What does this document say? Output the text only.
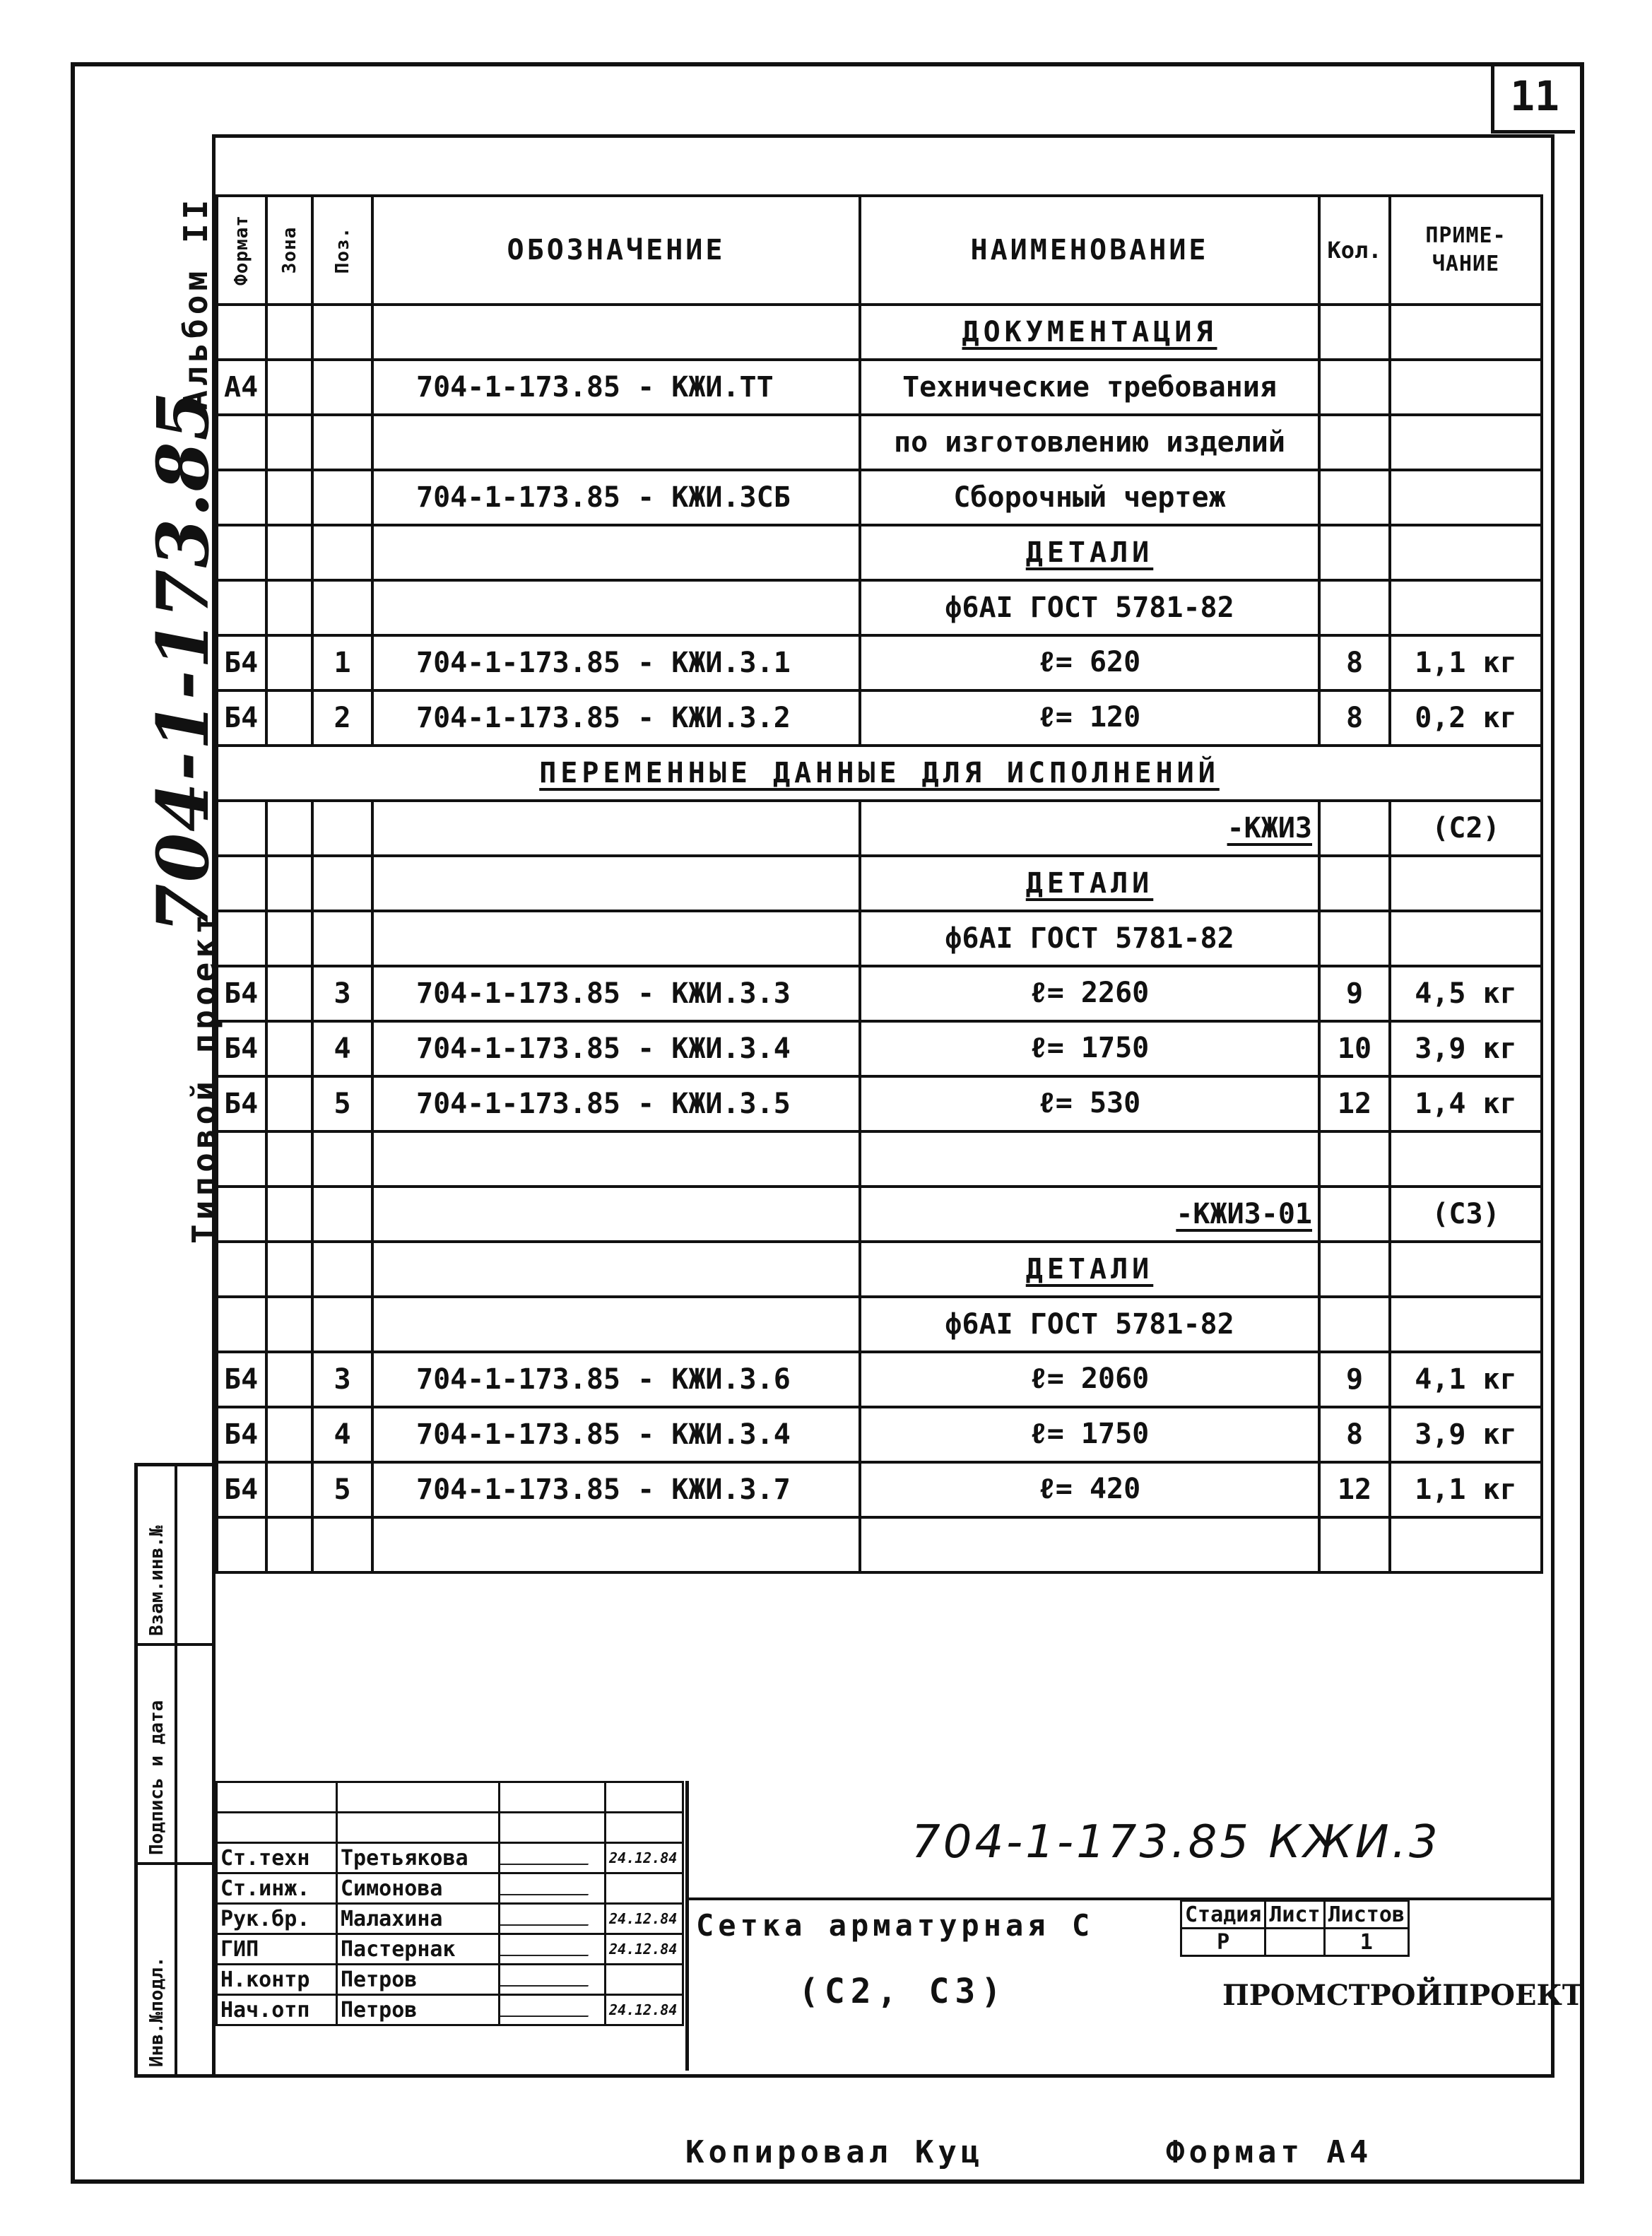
11
Альбом II
704-1-173.85
Типовой проект
Взам.инв.№
Подпись и дата
Инв.№подл.
Формат	Зона	Поз.	ОБОЗНАЧЕНИЕ	НАИМЕНОВАНИЕ	Кол.	ПРИМЕ-ЧАНИЕ
				ДОКУМЕНТАЦИЯ		
А4			704-1-173.85 - КЖИ.ТТ	Технические требования		
				по изготовлению изделий		
			704-1-173.85 - КЖИ.3СБ	Сборочный чертеж		
				ДЕТАЛИ		
				ф6АI ГОСТ 5781-82		
Б4		1	704-1-173.85 - КЖИ.3.1	ℓ= 620	8	1,1 кг
Б4		2	704-1-173.85 - КЖИ.3.2	ℓ= 120	8	0,2 кг
ПЕРЕМЕННЫЕ ДАННЫЕ ДЛЯ ИСПОЛНЕНИЙ						
				-КЖИ3		(С2)
				ДЕТАЛИ		
				ф6АI ГОСТ 5781-82		
Б4		3	704-1-173.85 - КЖИ.3.3	ℓ= 2260	9	4,5 кг
Б4		4	704-1-173.85 - КЖИ.3.4	ℓ= 1750	10	3,9 кг
Б4		5	704-1-173.85 - КЖИ.3.5	ℓ= 530	12	1,4 кг

				-КЖИ3-01		(С3)
				ДЕТАЛИ		
				ф6АI ГОСТ 5781-82		
Б4		3	704-1-173.85 - КЖИ.3.6	ℓ= 2060	9	4,1 кг
Б4		4	704-1-173.85 - КЖИ.3.4	ℓ= 1750	8	3,9 кг
Б4		5	704-1-173.85 - КЖИ.3.7	ℓ= 420	12	1,1 кг

704-1-173.85 КЖИ.3

Ст.техн	Третьякова		24.12.84
Ст.инж.	Симонова		
Рук.бр.	Малахина		24.12.84
ГИП	Пастернак		24.12.84
Н.контр	Петров		
Нач.отп	Петров		24.12.84
Сетка арматурная С
(С2, С3)
Стадия	Лист	Листов
Р		1
ПРОМСТРОЙПРОЕКТ
Копировал Куц	Формат А4
